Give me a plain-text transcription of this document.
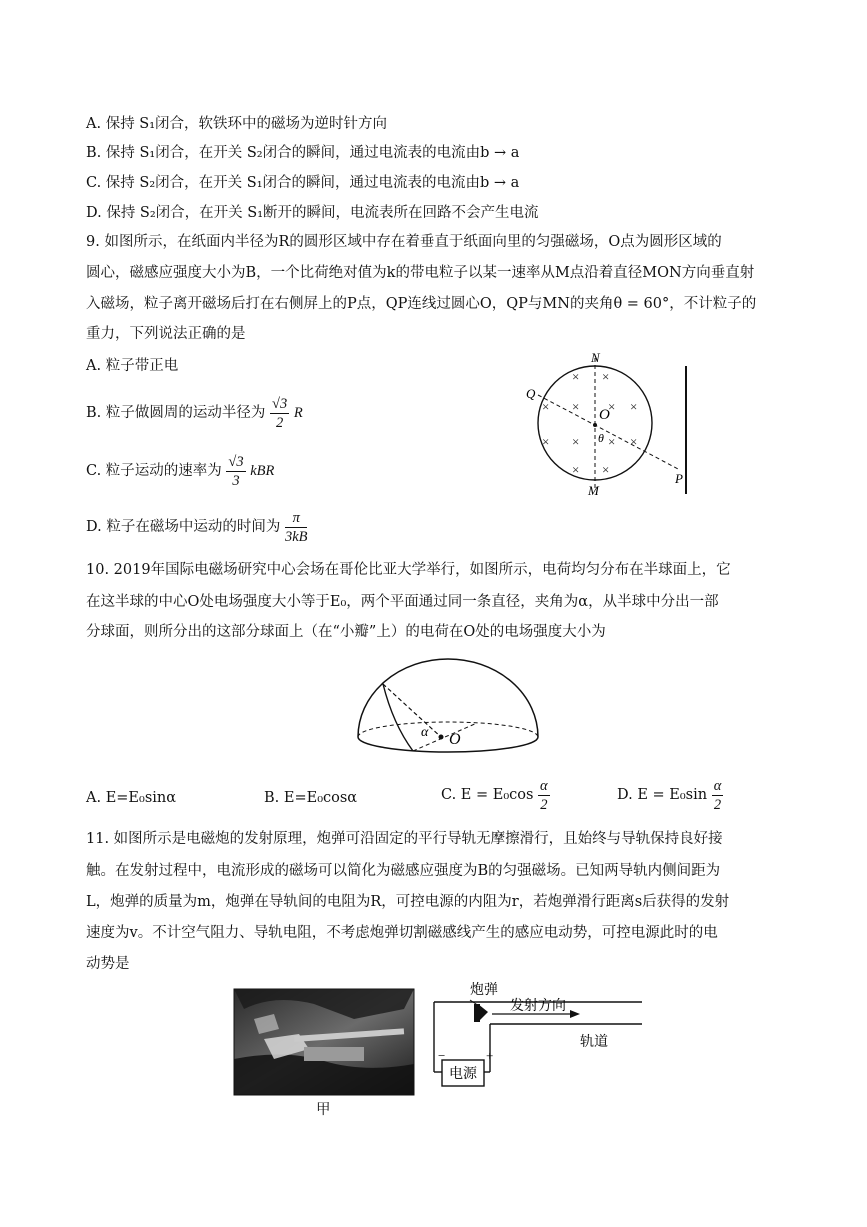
A. 保持 S₁闭合，软铁环中的磁场为逆时针方向
B. 保持 S₁闭合，在开关 S₂闭合的瞬间，通过电流表的电流由b → a
C. 保持 S₂闭合，在开关 S₁闭合的瞬间，通过电流表的电流由b → a
D. 保持 S₂闭合，在开关 S₁断开的瞬间，电流表所在回路不会产生电流
9. 如图所示，在纸面内半径为R的圆形区域中存在着垂直于纸面向里的匀强磁场，O点为圆形区域的
圆心，磁感应强度大小为B，一个比荷绝对值为k的带电粒子以某一速率从M点沿着直径MON方向垂直射
入磁场，粒子离开磁场后打在右侧屏上的P点，QP连线过圆心O，QP与MN的夹角θ = 60°，不计粒子的
重力，下列说法正确的是
A. 粒子带正电
B. 粒子做圆周的运动半径为 $\frac{√3}{2}$ R
C. 粒子运动的速率为 $\frac{√3}{3}$ kBR
D. 粒子在磁场中运动的时间为 $\frac{\pi}{3kB}$
× ×
× × × ×
× × × ×
× ×
N
M
Q
O
θ
P
10. 2019年国际电磁场研究中心会场在哥伦比亚大学举行，如图所示，电荷均匀分布在半球面上，它
在这半球的中心O处电场强度大小等于E₀，两个平面通过同一条直径，夹角为α，从半球中分出一部
分球面，则所分出的这部分球面上（在“小瓣”上）的电荷在O处的电场强度大小为
α O
A. E=E₀sinα	B. E=E₀cosα	C. $E = E_0\cos \frac{\alpha}{2}$	D. $E = E_0\sin \frac{\alpha}{2}$
11. 如图所示是电磁炮的发射原理，炮弹可沿固定的平行导轨无摩擦滑行，且始终与导轨保持良好接
触。在发射过程中，电流形成的磁场可以简化为磁感应强度为B的匀强磁场。已知两导轨内侧间距为
L，炮弹的质量为m，炮弹在导轨间的电阻为R，可控电源的内阻为r，若炮弹滑行距离s后获得的发射
速度为v。不计空气阻力、导轨电阻，不考虑炮弹切割磁感线产生的感应电动势，可控电源此时的电
动势是
甲
电源
−	+
炮弹
发射方向
轨道
